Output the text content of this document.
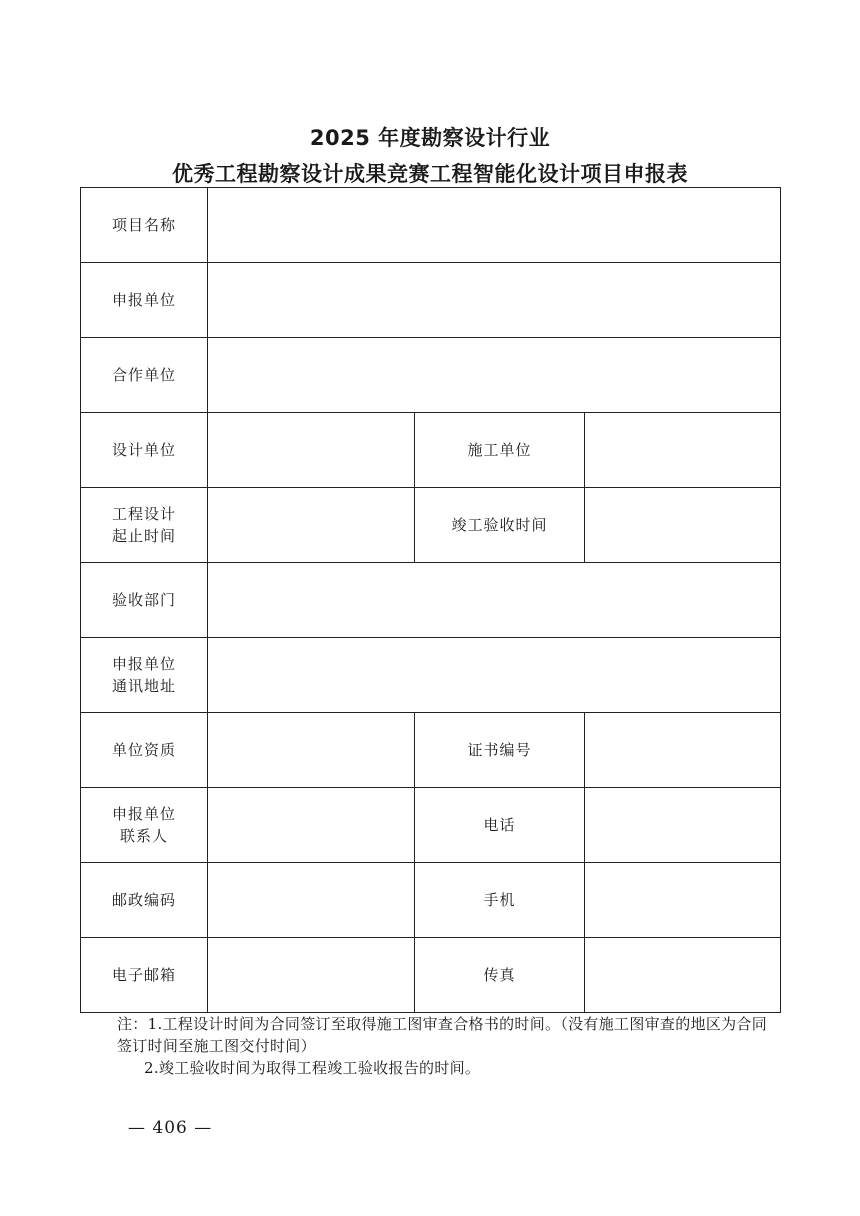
2025 年度勘察设计行业
优秀工程勘察设计成果竞赛工程智能化设计项目申报表
项目名称			
申报单位			
合作单位			
设计单位		施工单位	
工程设计
起止时间		竣工验收时间	
验收部门			
申报单位
通讯地址			
单位资质		证书编号	
申报单位
联系人		电话	
邮政编码		手机	
电子邮箱		传真	
注：1.工程设计时间为合同签订至取得施工图审查合格书的时间。（没有施工图审查的地区为合同签订时间至施工图交付时间）
2.竣工验收时间为取得工程竣工验收报告的时间。
— 406 —
